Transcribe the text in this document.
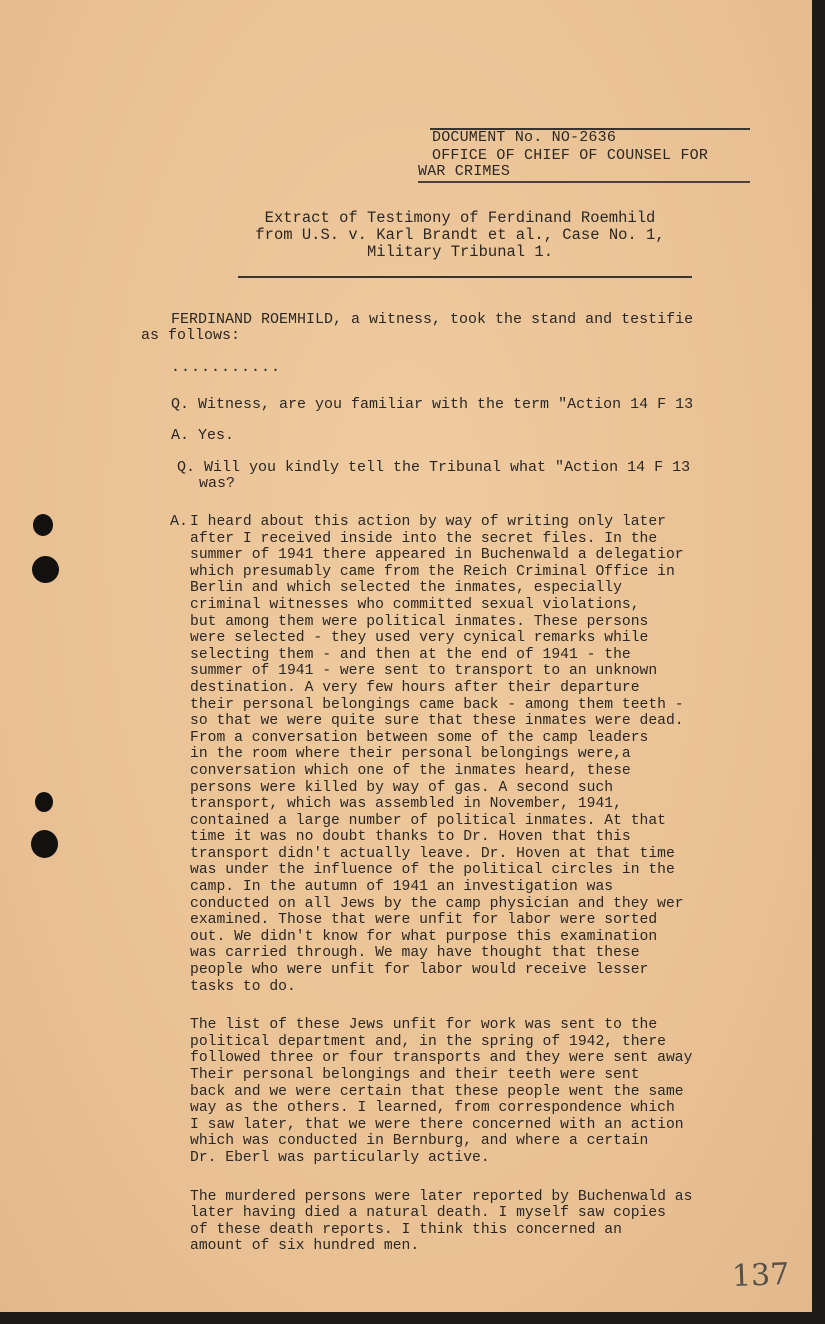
DOCUMENT No. NO-2636
OFFICE OF CHIEF OF COUNSEL FOR
WAR CRIMES
Extract of Testimony of Ferdinand Roemhild
from U.S. v. Karl Brandt et al., Case No. 1,
Military Tribunal 1.
FERDINAND ROEMHILD, a witness, took the stand and testifie
as follows:
...........
Q. Witness, are you familiar with the term "Action 14 F 13
A. Yes.
Q. Will you kindly tell the Tribunal what "Action 14 F 13
was?
A. I heard about this action by way of writing only later
after I received inside into the secret files. In the
summer of 1941 there appeared in Buchenwald a delegatior
which presumably came from the Reich Criminal Office in
Berlin and which selected the inmates, especially
criminal witnesses who committed sexual violations,
but among them were political inmates. These persons
were selected - they used very cynical remarks while
selecting them - and then at the end of 1941 - the
summer of 1941 - were sent to transport to an unknown
destination. A very few hours after their departure
their personal belongings came back - among them teeth -
so that we were quite sure that these inmates were dead.
From a conversation between some of the camp leaders
in the room where their personal belongings were,a
conversation which one of the inmates heard, these
persons were killed by way of gas. A second such
transport, which was assembled in November, 1941,
contained a large number of political inmates. At that
time it was no doubt thanks to Dr. Hoven that this
transport didn't actually leave. Dr. Hoven at that time
was under the influence of the political circles in the
camp. In the autumn of 1941 an investigation was
conducted on all Jews by the camp physician and they wer
examined. Those that were unfit for labor were sorted
out. We didn't know for what purpose this examination
was carried through. We may have thought that these
people who were unfit for labor would receive lesser
tasks to do.
The list of these Jews unfit for work was sent to the
political department and, in the spring of 1942, there
followed three or four transports and they were sent away
Their personal belongings and their teeth were sent
back and we were certain that these people went the same
way as the others. I learned, from correspondence which
I saw later, that we were there concerned with an action
which was conducted in Bernburg, and where a certain
Dr. Eberl was particularly active.
The murdered persons were later reported by Buchenwald as
later having died a natural death. I myself saw copies
of these death reports. I think this concerned an
amount of six hundred men.
137
